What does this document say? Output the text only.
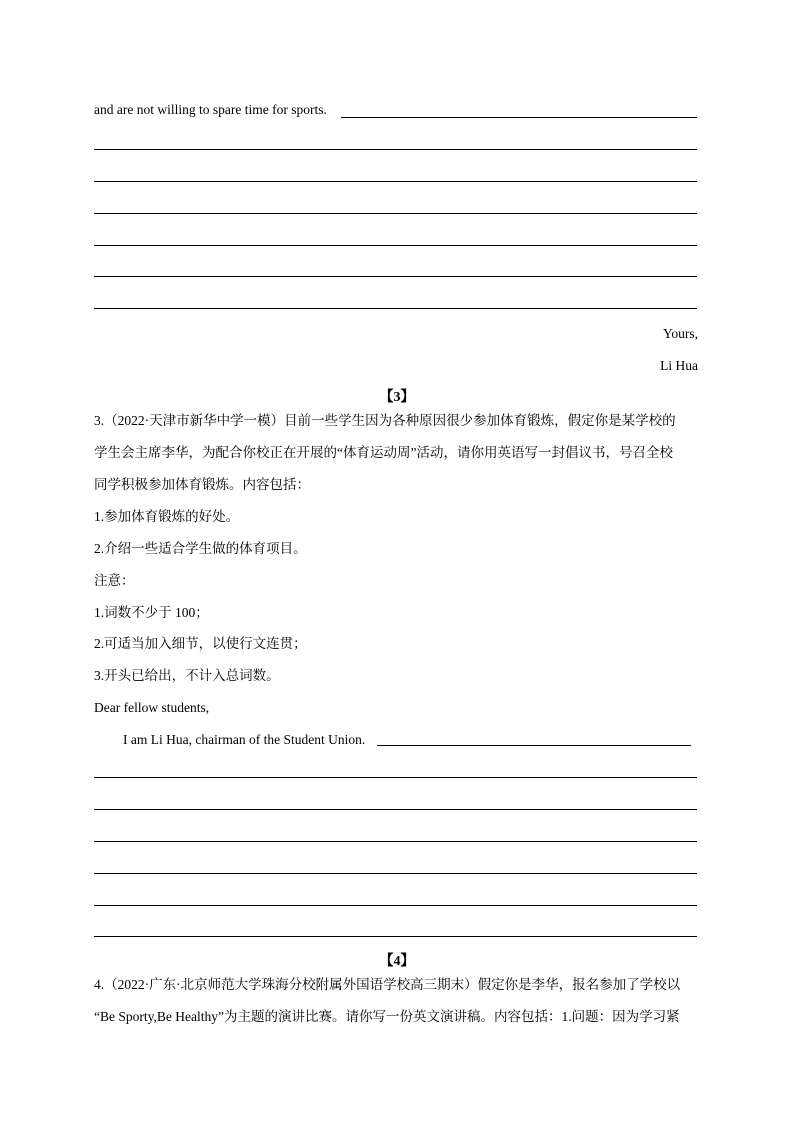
and are not willing to spare time for sports.
Yours,
Li Hua
【3】
3.（2022·天津市新华中学一模）目前一些学生因为各种原因很少参加体育锻炼，假定你是某学校的
学生会主席李华，为配合你校正在开展的“体育运动周”活动，请你用英语写一封倡议书，号召全校
同学积极参加体育锻炼。内容包括：
1.参加体育锻炼的好处。
2.介绍一些适合学生做的体育项目。
注意：
1.词数不少于 100；
2.可适当加入细节，以使行文连贯；
3.开头已给出，不计入总词数。
Dear fellow students,
I am Li Hua, chairman of the Student Union.
【4】
4.（2022·广东·北京师范大学珠海分校附属外国语学校高三期末）假定你是李华，报名参加了学校以
“Be Sporty,Be Healthy”为主题的演讲比赛。请你写一份英文演讲稿。内容包括：1.问题：因为学习紧
